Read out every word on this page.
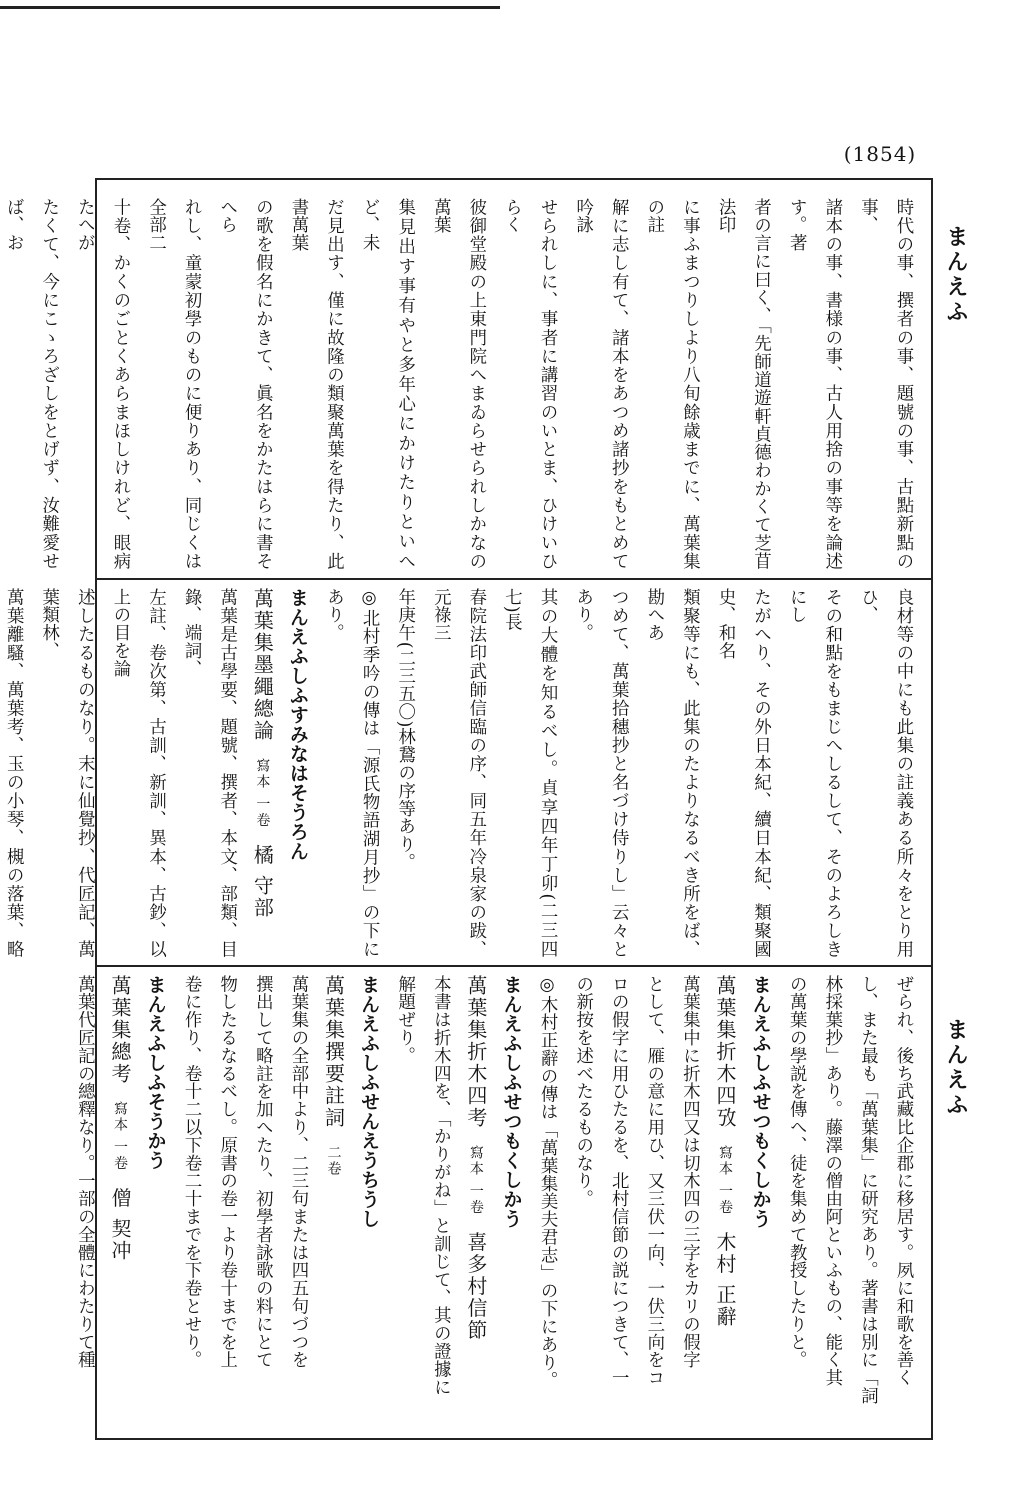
(1854)
まんえふ
まんえふ

時代の事、撰者の事、題號の事、古點新點の事、

諸本の事、書様の事、古人用捨の事等を論述す。著

者の言に曰く、「先師道遊軒貞德わかくて芝苜法印

に事ふまつりしより八旬餘歳までに、萬葉集の註

解に志し有て、諸本をあつめ諸抄をもとめて吟詠

せられしに、事者に講習のいとま、ひけいひらく

彼御堂殿の上東門院へまゐらせられしかなの萬葉

集見出す事有やと多年心にかけたりといへど、未

だ見出す、僅に故隆の類聚萬葉を得たり、此書萬葉

の歌を假名にかきて、眞名をかたはらに書そへら

れし、童蒙初學のものに便りあり、同じくは全部二

十卷、かくのごとくあらまほしけれど、眼病たへが

たくて、今にこゝろざしをとげず、汝難愛せば、お

良材等の中にも此集の註義ある所々をとり用ひ、

その和點をもまじへしるして、そのよろしきにし

たがへり、その外日本紀、續日本紀、類聚國史、和名

類聚等にも、此集のたよりなるべき所をば、勘へあ

つめて、萬葉拾穗抄と名づけ侍りし」云々とあり。

其の大體を知るべし。貞享四年丁卯(二三四七)長

春院法印武師信臨の序、同五年冷泉家の跋、元祿三

年庚午(二三五〇)林鵞の序等あり。

◎北村季吟の傳は「源氏物語湖月抄」の下にあり。

まんえふしふすみなはそうろん

萬葉集墨繩總論　寫本 一卷　橘 守部

萬葉是古學要、題號、撰者、本文、部類、目錄、端詞、

左註、卷次第、古訓、新訓、異本、古鈔、以上の目を論

述したるものなり。末に仙覺抄、代匠記、萬葉類林、

萬葉離騷、萬葉考、玉の小琴、槻の落葉、略

ぜられ、後ち武藏比企郡に移居す。夙に和歌を善く

し、また最も「萬葉集」に研究あり。著書は別に「詞

林採葉抄」あり。藤澤の僧由阿といふもの、能く其

の萬葉の學説を傳へ、徒を集めて教授したりと。

まんえふしふせつもくしかう

萬葉集折木四攷　寫本 一卷　木村 正辭

萬葉集中に折木四又は切木四の三字をカリの假字

として、雁の意に用ひ、又三伏一向、一伏三向をコ

ロの假字に用ひたるを、北村信節の説につきて、一

の新按を述べたるものなり。

◎木村正辭の傳は「萬葉集美夫君志」の下にあり。

まんえふしふせつもくしかう

萬葉集折木四考　寫本 一卷　喜多村信節

本書は折木四を、「かりがね」と訓じて、其の證據に

解題ぜり。

まんえふしふせんえうちうし

萬葉集撰要註詞　二卷　

萬葉集の全部中より、二三句または四五句づつを

撰出して略註を加へたり、初學者詠歌の料にとて

物したるなるべし。原書の卷一より卷十までを上

卷に作り、卷十二以下卷二十までを下卷とせり。

まんえふしふそうかう

萬葉集總考　寫本 一卷　僧 契冲

萬葉代匠記の總釋なり。一部の全體にわたりて種
